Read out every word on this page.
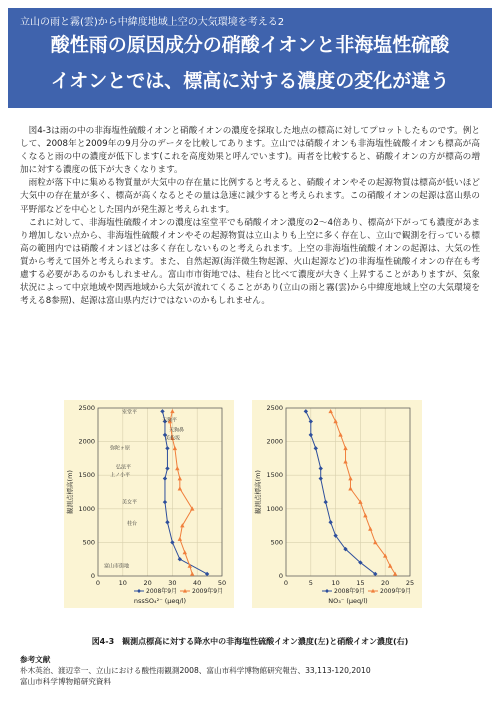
立山の雨と霧(雲)から中緯度地域上空の大気環境を考える2
酸性雨の原因成分の硝酸イオンと非海塩性硫酸
イオンとでは、標高に対する濃度の変化が違う

図4-3は雨の中の非海塩性硫酸イオンと硝酸イオンの濃度を採取した地点の標高に対してプロットしたものです。例として、2008年と2009年の9月分のデータを比較してあります。立山では硝酸イオンも非海塩性硫酸イオンも標高が高くなると雨の中の濃度が低下します(これを高度効果と呼んでいます)。両者を比較すると、硝酸イオンの方が標高の増加に対する濃度の低下が大きくなります。

雨粒が落下中に集める物質量が大気中の存在量に比例すると考えると、硝酸イオンやその起源物質は標高が低いほど大気中の存在量が多く、標高が高くなるとその量は急速に減少すると考えられます。この硝酸イオンの起源は富山県の平野部などを中心とした国内が発生源と考えられます。

これに対して、非海塩性硫酸イオンの濃度は室堂平でも硝酸イオン濃度の2～4倍あり、標高が下がっても濃度があまり増加しない点から、非海塩性硫酸イオンやその起源物質は立山よりも上空に多く存在し、立山で観測を行っている標高の範囲内では硝酸イオンほどは多く存在しないものと考えられます。上空の非海塩性硫酸イオンの起源は、大気の性質から考えて国外と考えられます。また、自然起源(海洋微生物起源、火山起源など)の非海塩性硫酸イオンの存在も考慮する必要があるのかもしれません。富山市市街地では、桂台と比べて濃度が大きく上昇することがありますが、気象状況によって中京地域や関西地域から大気が流れてくることがあり(立山の雨と霧(雲)から中緯度地域上空の大気環境を考える8参照)、起源は富山県内だけではないのかもしれません。

0	10	20	30	40	50
0
500
1000
1500
2000
2500
nssSO₄²⁻ (μeq/l)
観測点標高(m)
2008年9月 2009年9月
室堂平
天狗平
天狗鼻
美松坂
弥陀ヶ原
弘法平
上ノ小平
美女平
桂台
富山市街地
0	5	10	15	20	25
0
500
1000
1500
2000
2500
NO₃⁻ (μeq/l)
観測点標高(m)
2008年9月 2009年9月
図4-3　観測点標高に対する降水中の非海塩性硫酸イオン濃度(左)と硝酸イオン濃度(右)
参考文献
朴木英治、渡辺幸一、立山における酸性雨観測2008、富山市科学博物館研究報告、33,113-120,2010
富山市科学博物館研究資料
